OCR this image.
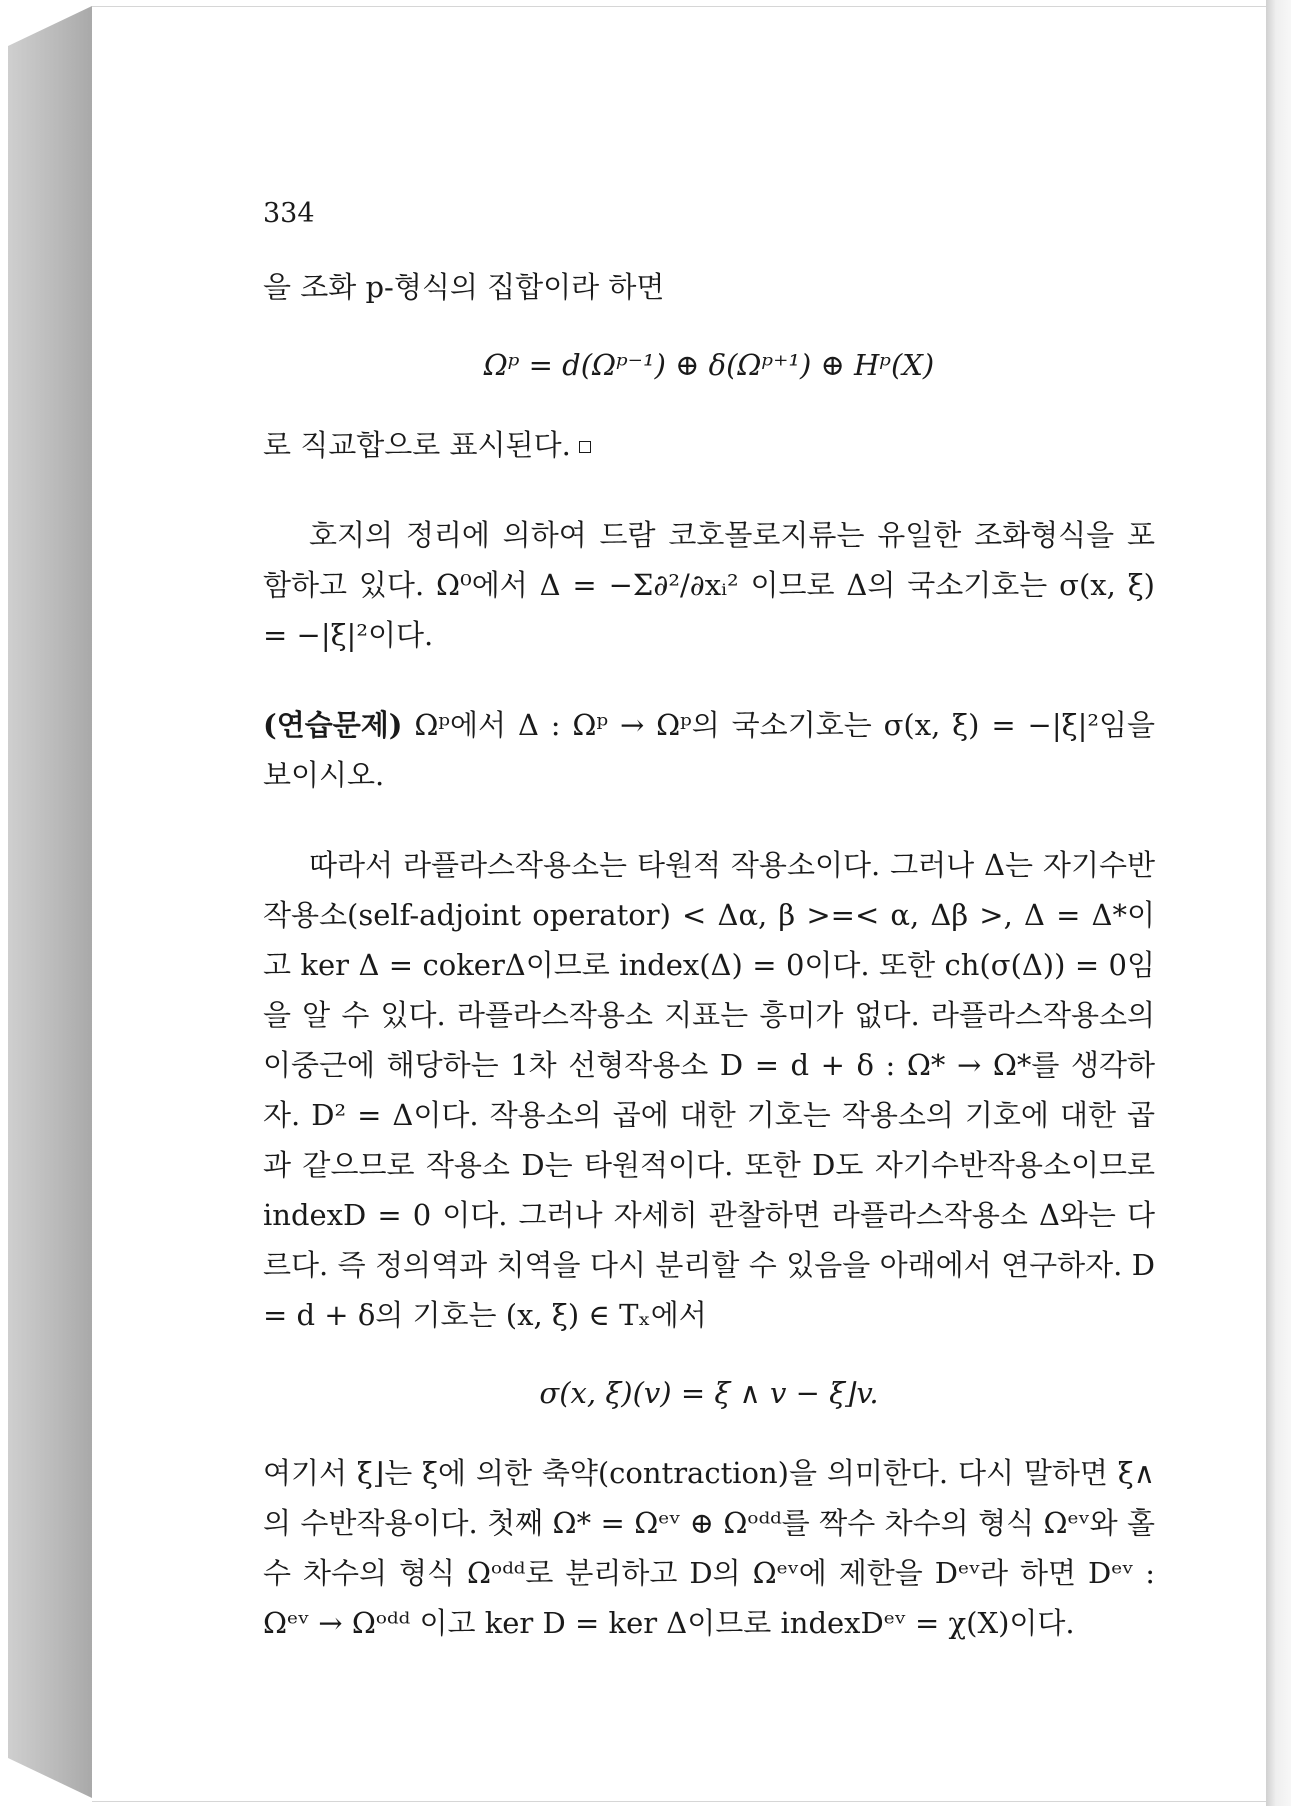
334

을 조화 p-형식의 집합이라 하면

Ωᵖ = d(Ωᵖ⁻¹) ⊕ δ(Ωᵖ⁺¹) ⊕ Hᵖ(X)

로 직교합으로 표시된다.

호지의 정리에 의하여 드람 코호몰로지류는 유일한 조화형식을 포함하고 있다. Ω⁰에서 Δ = −Σ∂²/∂xᵢ² 이므로 Δ의 국소기호는 σ(x, ξ) = −|ξ|²이다.

(연습문제) Ωᵖ에서 Δ : Ωᵖ → Ωᵖ의 국소기호는 σ(x, ξ) = −|ξ|²임을 보이시오.

따라서 라플라스작용소는 타원적 작용소이다. 그러나 Δ는 자기수반작용소(self-adjoint operator) < Δα, β >=< α, Δβ >, Δ = Δ*이고 ker Δ = cokerΔ이므로 index(Δ) = 0이다. 또한 ch(σ(Δ)) = 0임을 알 수 있다. 라플라스작용소 지표는 흥미가 없다. 라플라스작용소의 이중근에 해당하는 1차 선형작용소 D = d + δ : Ω* → Ω*를 생각하자. D² = Δ이다. 작용소의 곱에 대한 기호는 작용소의 기호에 대한 곱과 같으므로 작용소 D는 타원적이다. 또한 D도 자기수반작용소이므로 indexD = 0 이다. 그러나 자세히 관찰하면 라플라스작용소 Δ와는 다르다. 즉 정의역과 치역을 다시 분리할 수 있음을 아래에서 연구하자. D = d + δ의 기호는 (x, ξ) ∈ Tₓ에서

σ(x, ξ)(v) = ξ ∧ v − ξ⌋v.

여기서 ξ⌋는 ξ에 의한 축약(contraction)을 의미한다. 다시 말하면 ξ∧의 수반작용이다. 첫째 Ω* = Ωᵉᵛ ⊕ Ωᵒᵈᵈ를 짝수 차수의 형식 Ωᵉᵛ와 홀수 차수의 형식 Ωᵒᵈᵈ로 분리하고 D의 Ωᵉᵛ에 제한을 Dᵉᵛ라 하면 Dᵉᵛ : Ωᵉᵛ → Ωᵒᵈᵈ 이고 ker D = ker Δ이므로 indexDᵉᵛ = χ(X)이다.
